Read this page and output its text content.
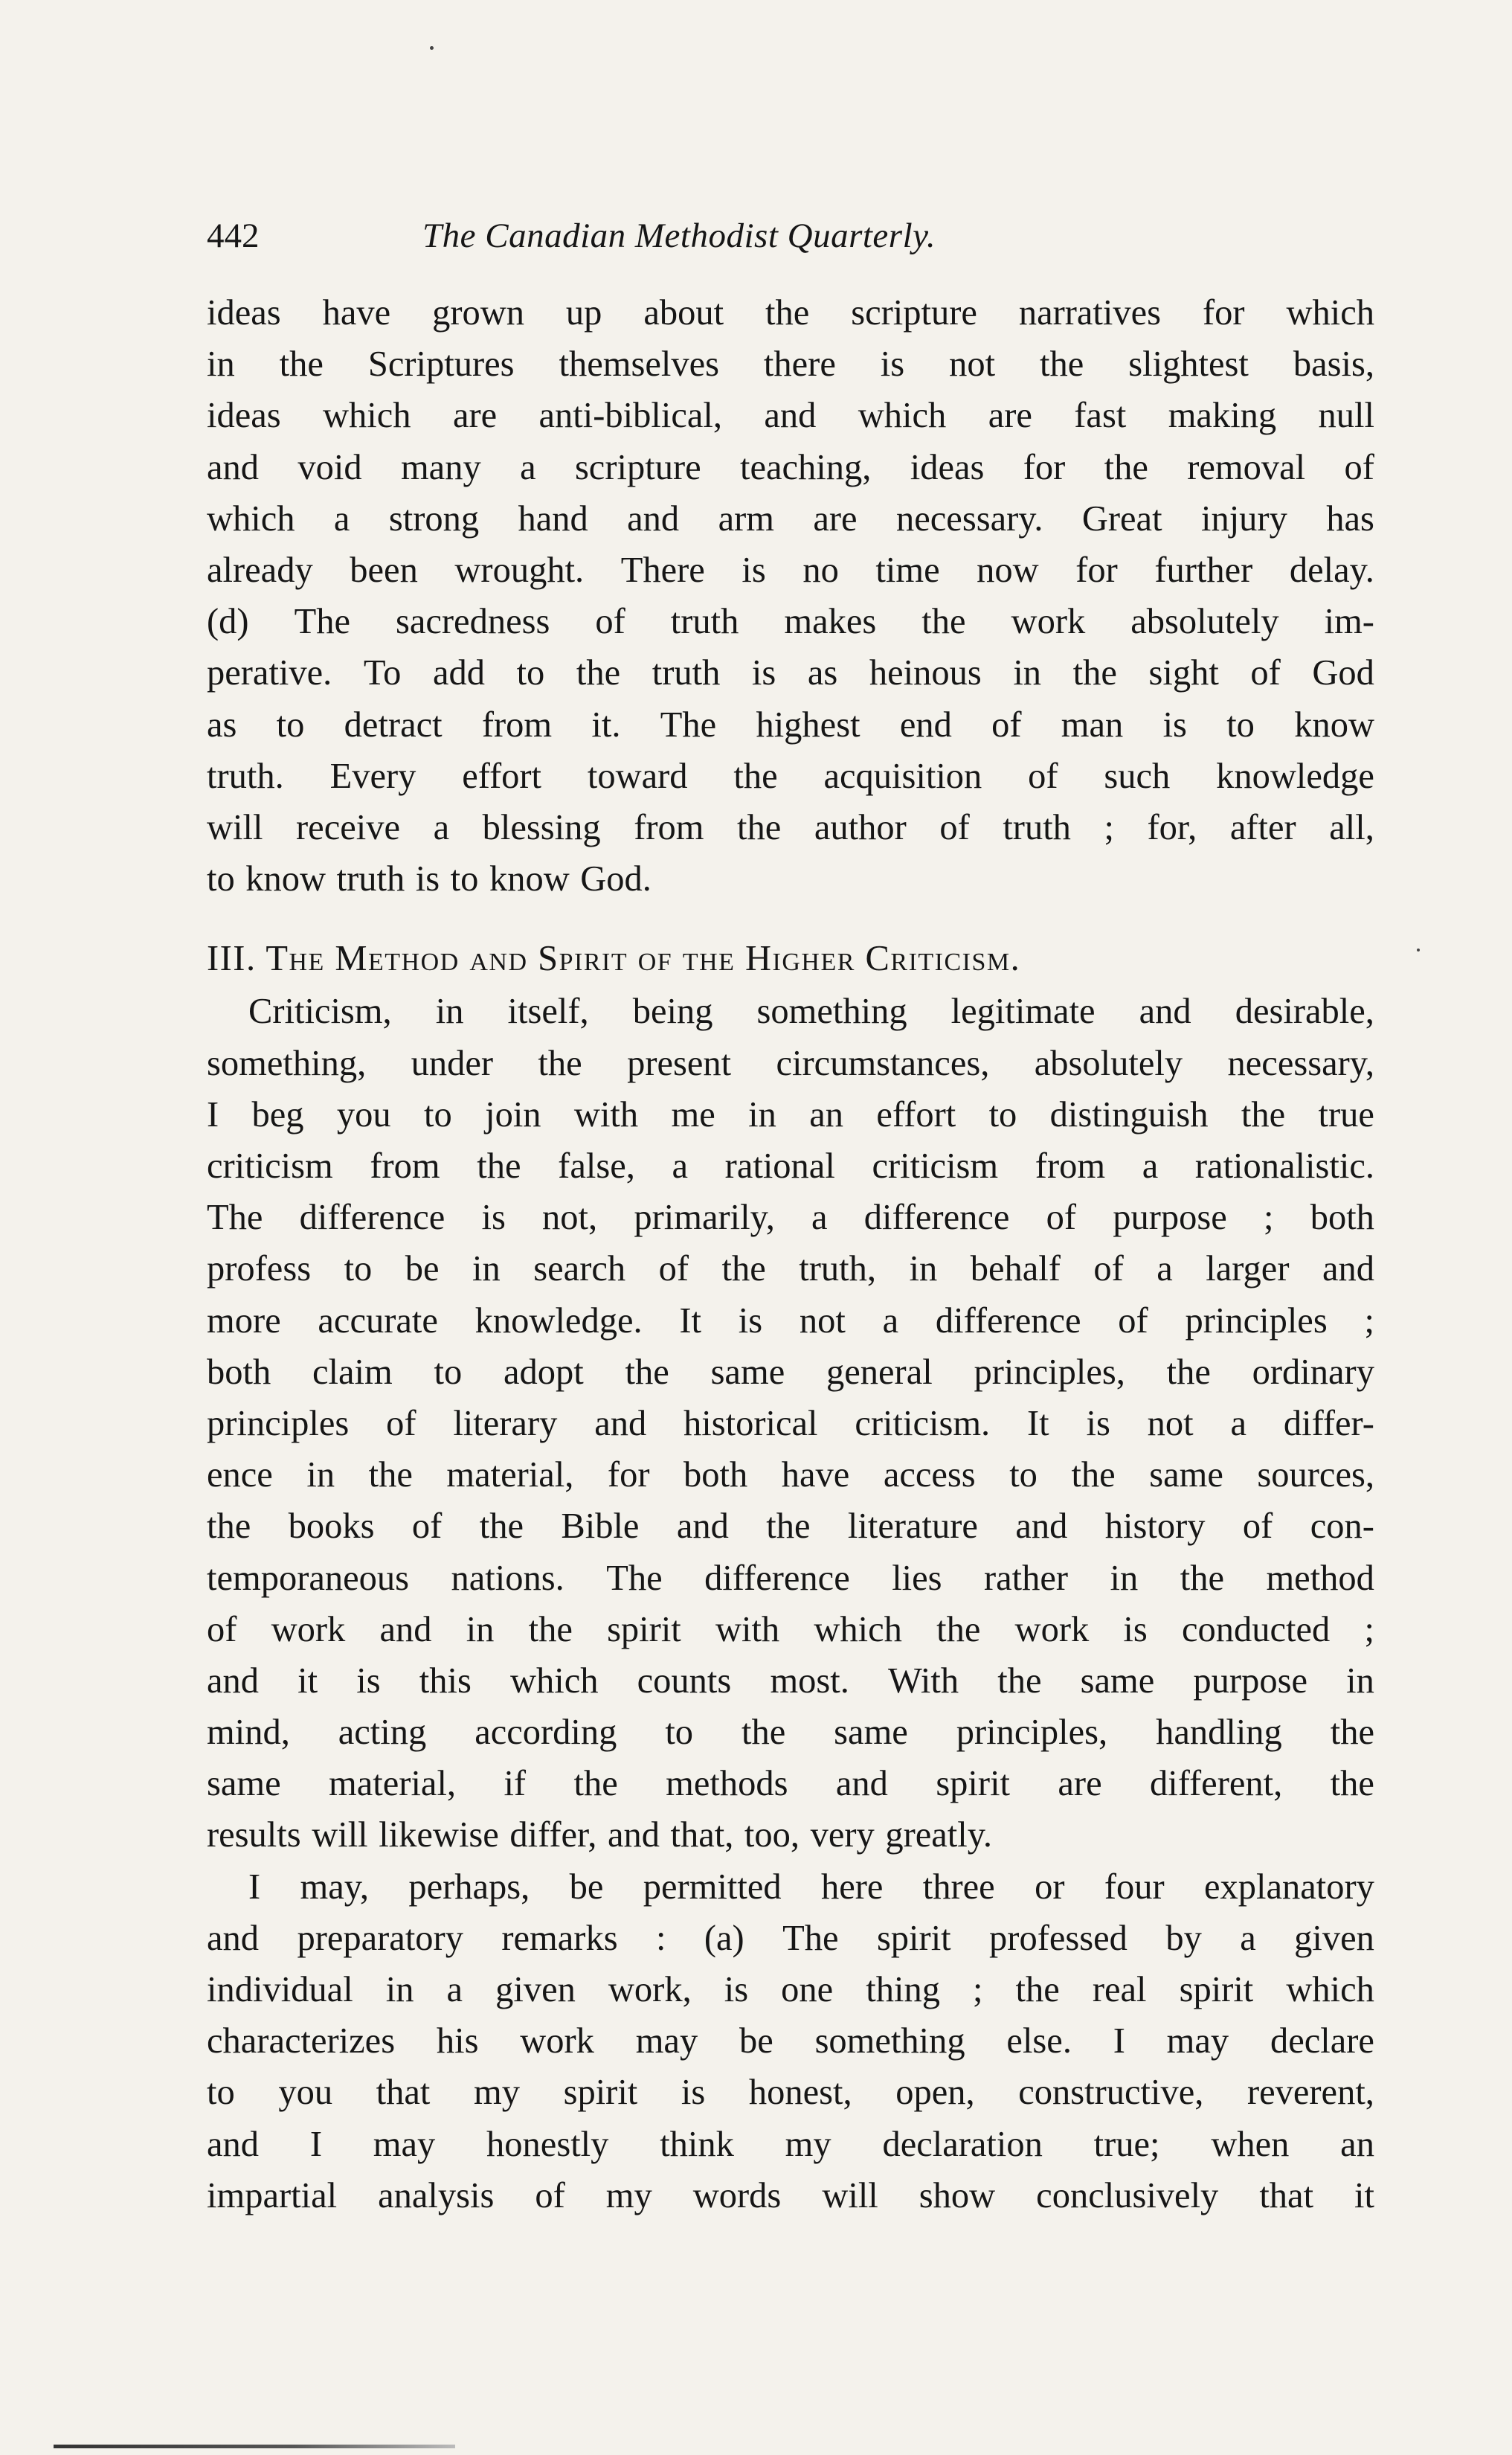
442	The Canadian Methodist Quarterly.
ideas have grown up about the scripture narratives for which
in the Scriptures themselves there is not the slightest basis,
ideas which are anti-biblical, and which are fast making null
and void many a scripture teaching, ideas for the removal of
which a strong hand and arm are necessary. Great injury has
already been wrought. There is no time now for further delay.
(d) The sacredness of truth makes the work absolutely im-
perative. To add to the truth is as heinous in the sight of God
as to detract from it. The highest end of man is to know
truth. Every effort toward the acquisition of such knowledge
will receive a blessing from the author of truth ; for, after all,
to know truth is to know God.
III. The Method and Spirit of the Higher Criticism.
Criticism, in itself, being something legitimate and desirable,
something, under the present circumstances, absolutely necessary,
I beg you to join with me in an effort to distinguish the true
criticism from the false, a rational criticism from a rationalistic.
The difference is not, primarily, a difference of purpose ; both
profess to be in search of the truth, in behalf of a larger and
more accurate knowledge. It is not a difference of principles ;
both claim to adopt the same general principles, the ordinary
principles of literary and historical criticism. It is not a differ-
ence in the material, for both have access to the same sources,
the books of the Bible and the literature and history of con-
temporaneous nations. The difference lies rather in the method
of work and in the spirit with which the work is conducted ;
and it is this which counts most. With the same purpose in
mind, acting according to the same principles, handling the
same material, if the methods and spirit are different, the
results will likewise differ, and that, too, very greatly.
I may, perhaps, be permitted here three or four explanatory
and preparatory remarks : (a) The spirit professed by a given
individual in a given work, is one thing ; the real spirit which
characterizes his work may be something else. I may declare
to you that my spirit is honest, open, constructive, reverent,
and I may honestly think my declaration true; when an
impartial analysis of my words will show conclusively that it
